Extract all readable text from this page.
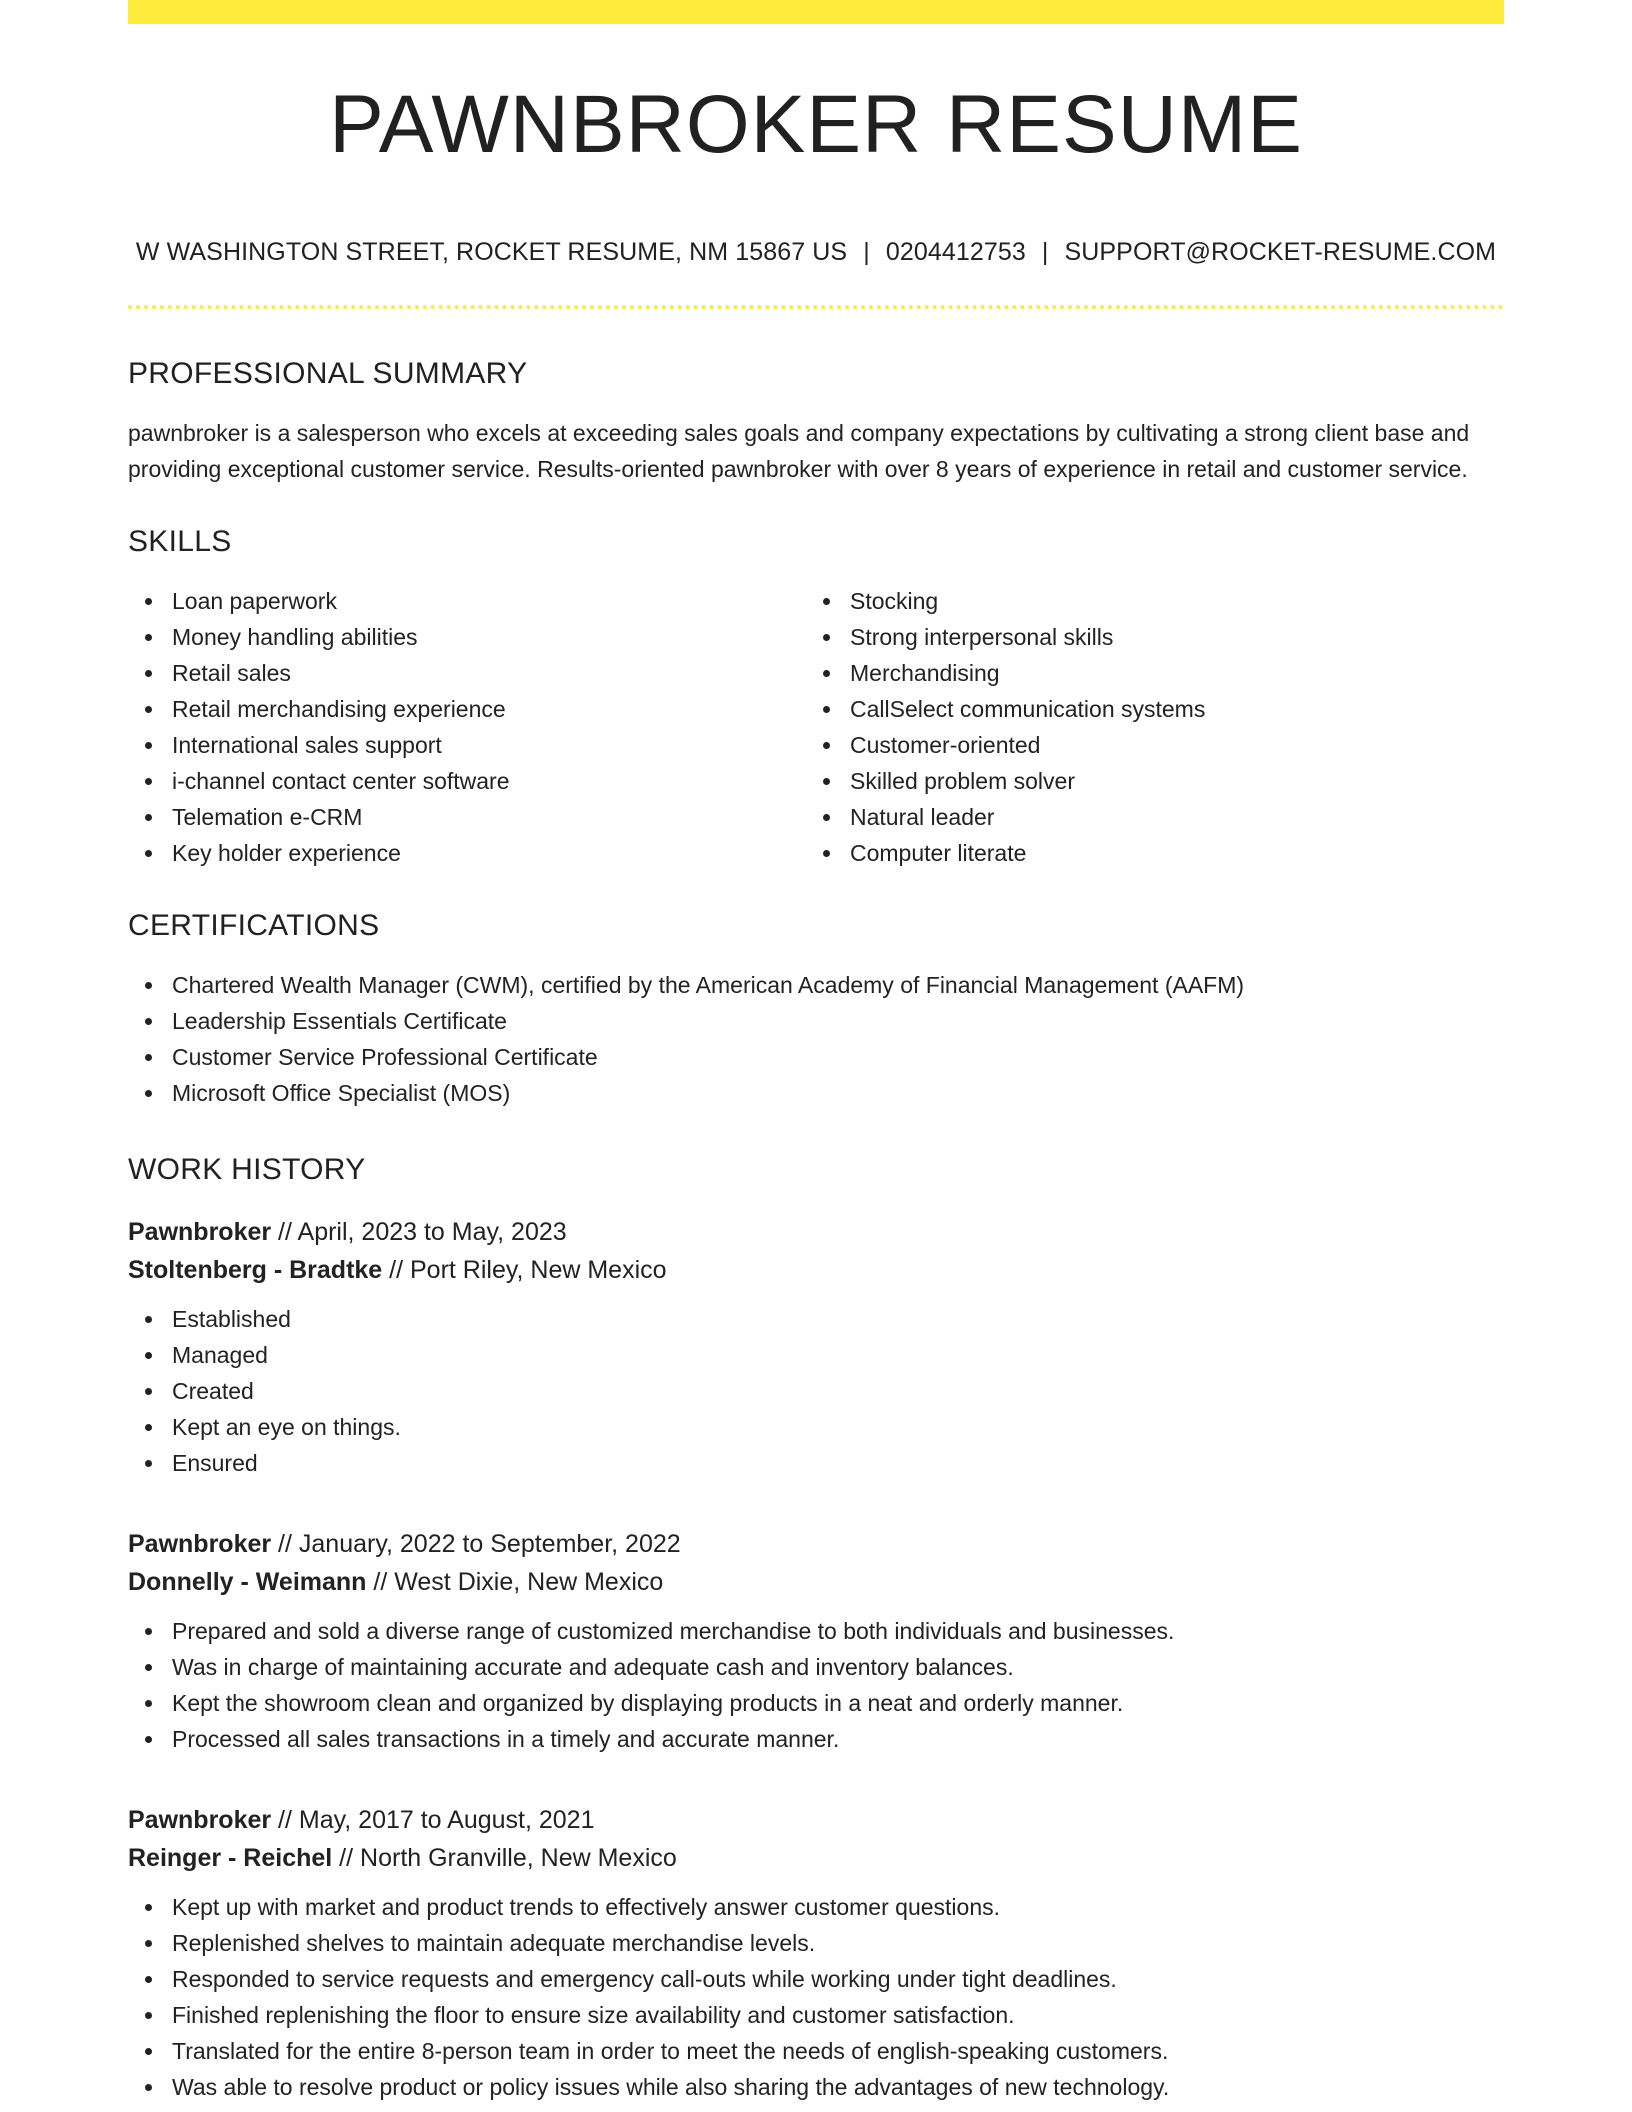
PAWNBROKER RESUME
W WASHINGTON STREET, ROCKET RESUME, NM 15867 US | 0204412753 | SUPPORT@ROCKET-RESUME.COM
PROFESSIONAL SUMMARY

pawnbroker is a salesperson who excels at exceeding sales goals and company expectations by cultivating a strong client base and providing exceptional customer service. Results-oriented pawnbroker with over 8 years of experience in retail and customer service.

SKILLS
Loan paperwork
Money handling abilities
Retail sales
Retail merchandising experience
International sales support
i-channel contact center software
Telemation e-CRM
Key holder experience
Stocking
Strong interpersonal skills
Merchandising
CallSelect communication systems
Customer-oriented
Skilled problem solver
Natural leader
Computer literate
CERTIFICATIONS
Chartered Wealth Manager (CWM), certified by the American Academy of Financial Management (AAFM)
Leadership Essentials Certificate
Customer Service Professional Certificate
Microsoft Office Specialist (MOS)
WORK HISTORY
Pawnbroker // April, 2023 to May, 2023
Stoltenberg - Bradtke // Port Riley, New Mexico
Established
Managed
Created
Kept an eye on things.
Ensured
Pawnbroker // January, 2022 to September, 2022
Donnelly - Weimann // West Dixie, New Mexico
Prepared and sold a diverse range of customized merchandise to both individuals and businesses.
Was in charge of maintaining accurate and adequate cash and inventory balances.
Kept the showroom clean and organized by displaying products in a neat and orderly manner.
Processed all sales transactions in a timely and accurate manner.
Pawnbroker // May, 2017 to August, 2021
Reinger - Reichel // North Granville, New Mexico
Kept up with market and product trends to effectively answer customer questions.
Replenished shelves to maintain adequate merchandise levels.
Responded to service requests and emergency call-outs while working under tight deadlines.
Finished replenishing the floor to ensure size availability and customer satisfaction.
Translated for the entire 8-person team in order to meet the needs of english-speaking customers.
Was able to resolve product or policy issues while also sharing the advantages of new technology.
